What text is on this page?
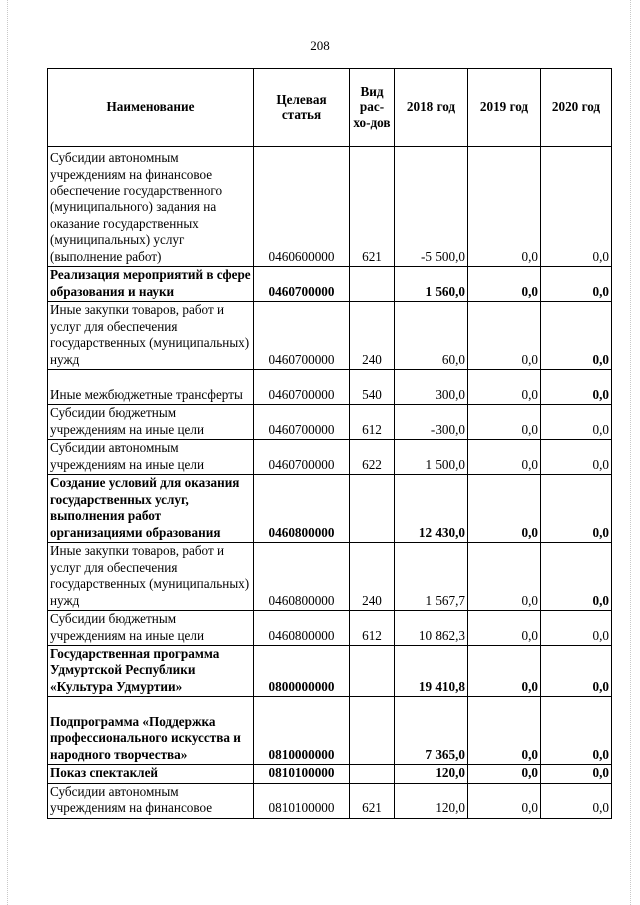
208
Наименование	Целевая статья	Вид рас-хо-дов	2018 год	2019 год	2020 год
Субсидии автономным учреждениям на финансовое обеспечение государственного (муниципального) задания на оказание государственных (муниципальных) услуг (выполнение работ)	0460600000	621	-5 500,0	0,0	0,0
Реализация мероприятий в сфере образования и науки	0460700000		1 560,0	0,0	0,0
Иные закупки товаров, работ и услуг для обеспечения государственных (муниципальных) нужд	0460700000	240	60,0	0,0	0,0
Иные межбюджетные трансферты	0460700000	540	300,0	0,0	0,0
Субсидии бюджетным учреждениям на иные цели	0460700000	612	-300,0	0,0	0,0
Субсидии автономным учреждениям на иные цели	0460700000	622	1 500,0	0,0	0,0
Создание условий для оказания государственных услуг, выполнения работ организациями образования	0460800000		12 430,0	0,0	0,0
Иные закупки товаров, работ и услуг для обеспечения государственных (муниципальных) нужд	0460800000	240	1 567,7	0,0	0,0
Субсидии бюджетным учреждениям на иные цели	0460800000	612	10 862,3	0,0	0,0
Государственная программа Удмуртской Республики «Культура Удмуртии»	0800000000		19 410,8	0,0	0,0
Подпрограмма «Поддержка профессионального искусства и народного творчества»	0810000000		7 365,0	0,0	0,0
Показ спектаклей	0810100000		120,0	0,0	0,0
Субсидии автономным учреждениям на финансовое	0810100000	621	120,0	0,0	0,0
